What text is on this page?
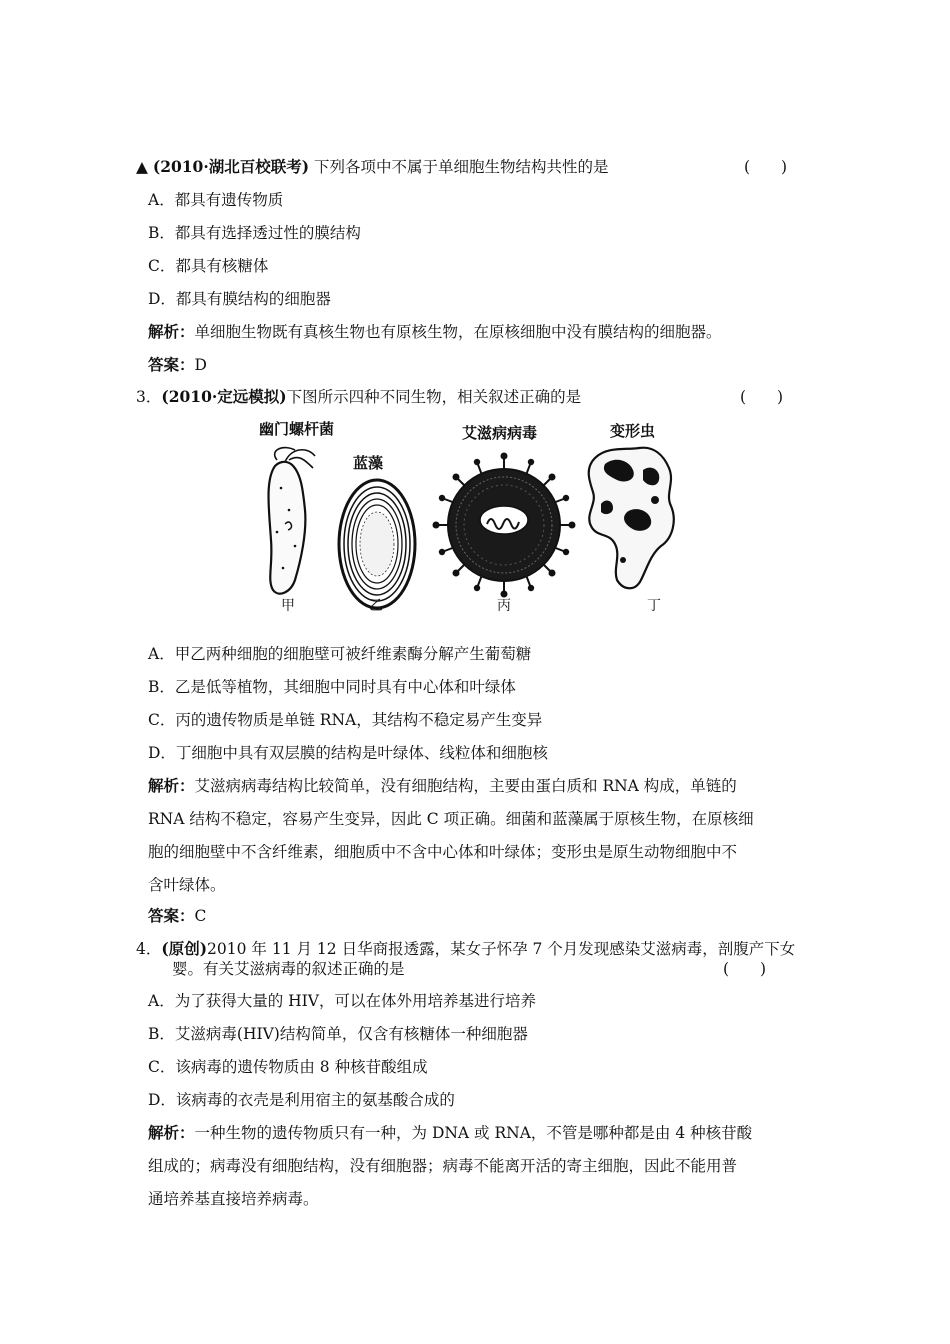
▲ (2010·湖北百校联考) 下列各项中不属于单细胞生物结构共性的是	(　　)
A．都具有遗传物质
B．都具有选择透过性的膜结构
C．都具有核糖体
D．都具有膜结构的细胞器
解析：单细胞生物既有真核生物也有原核生物，在原核细胞中没有膜结构的细胞器。
答案：D
3．(2010·定远模拟)下图所示四种不同生物，相关叙述正确的是	(　　)
幽门螺杆菌
蓝藻
艾滋病病毒	变形虫
甲	乙	丙	丁
A．甲乙两种细胞的细胞壁可被纤维素酶分解产生葡萄糖
B．乙是低等植物，其细胞中同时具有中心体和叶绿体
C．丙的遗传物质是单链 RNA，其结构不稳定易产生变异
D．丁细胞中具有双层膜的结构是叶绿体、线粒体和细胞核
解析：艾滋病病毒结构比较简单，没有细胞结构，主要由蛋白质和 RNA 构成，单链的
RNA 结构不稳定，容易产生变异，因此 C 项正确。细菌和蓝藻属于原核生物，在原核细
胞的细胞壁中不含纤维素，细胞质中不含中心体和叶绿体；变形虫是原生动物细胞中不
含叶绿体。
答案：C
4．(原创)2010 年 11 月 12 日华商报透露，某女子怀孕 7 个月发现感染艾滋病毒，剖腹产下女
婴。有关艾滋病毒的叙述正确的是	(　　)
A．为了获得大量的 HIV，可以在体外用培养基进行培养
B．艾滋病毒(HIV)结构简单，仅含有核糖体一种细胞器
C．该病毒的遗传物质由 8 种核苷酸组成
D．该病毒的衣壳是利用宿主的氨基酸合成的
解析：一种生物的遗传物质只有一种，为 DNA 或 RNA，不管是哪种都是由 4 种核苷酸
组成的；病毒没有细胞结构，没有细胞器；病毒不能离开活的寄主细胞，因此不能用普
通培养基直接培养病毒。
